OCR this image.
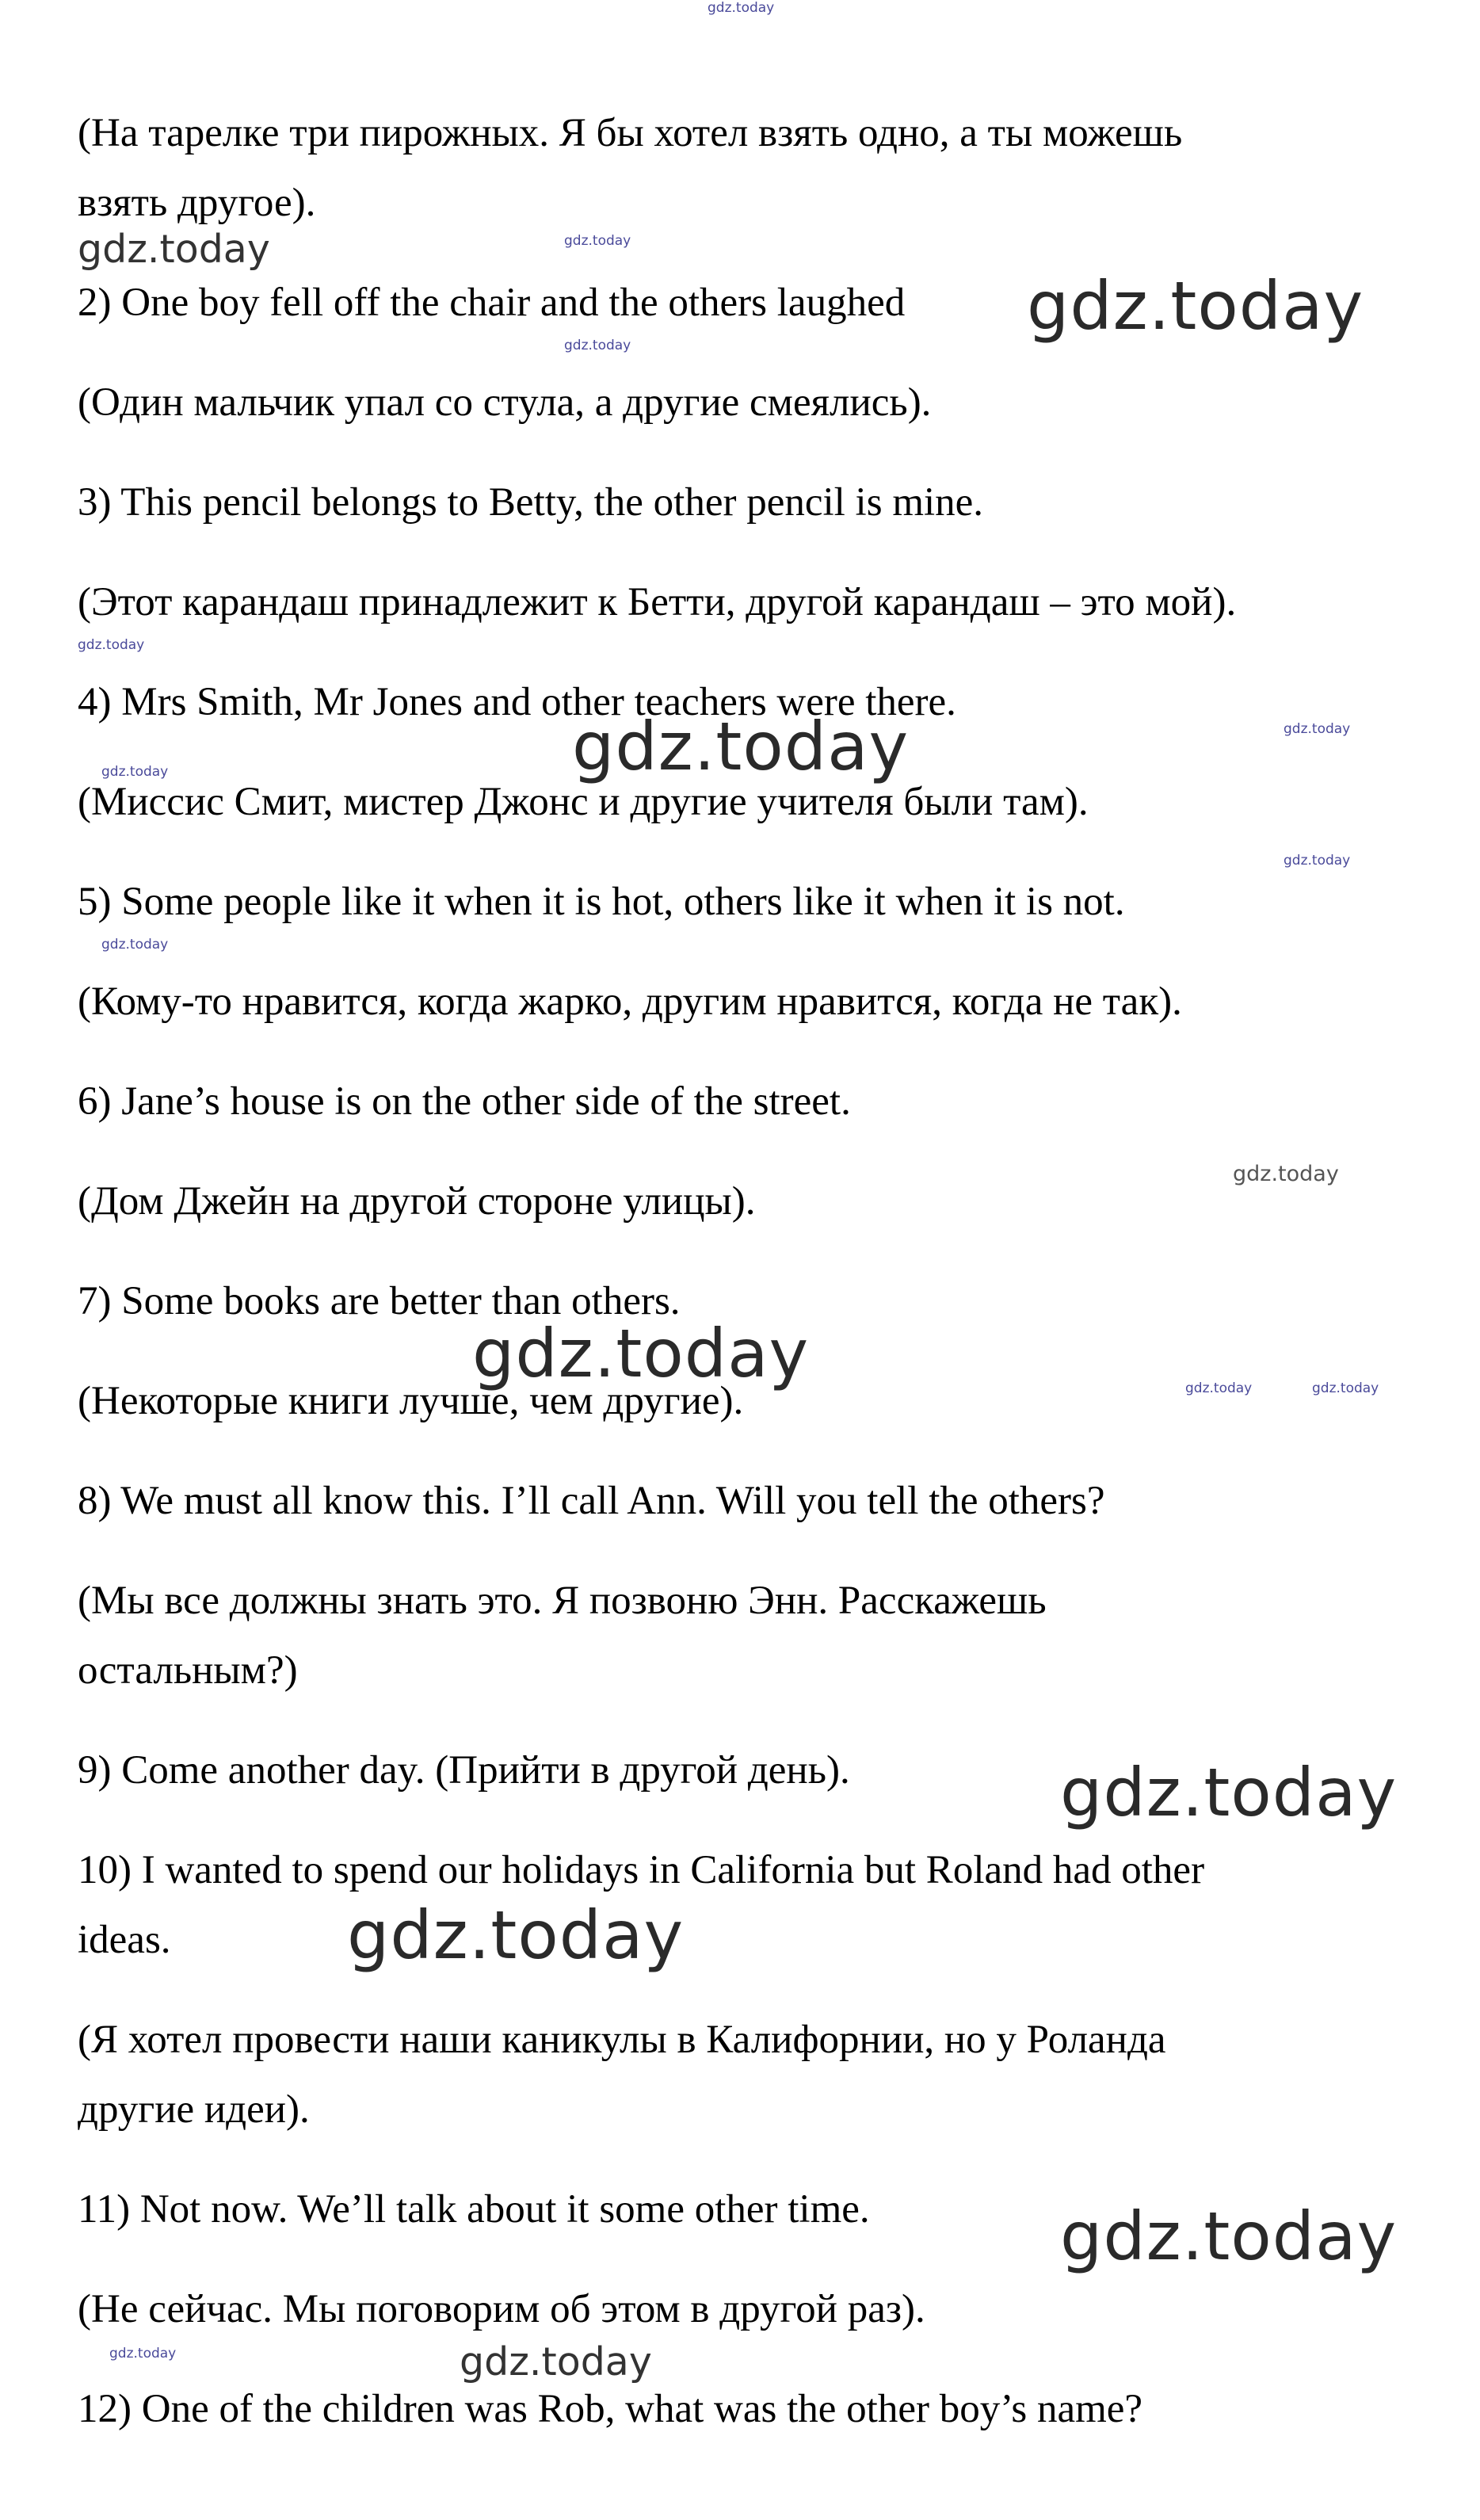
(На тарелке три пирожных. Я бы хотел взять одно, а ты можешь
взять другое).
2) One boy fell off the chair and the others laughed
(Один мальчик упал со стула, а другие смеялись).
3) This pencil belongs to Betty, the other pencil is mine.
(Этот карандаш принадлежит к Бетти, другой карандаш – это мой).
4) Mrs Smith, Mr Jones and other teachers were there.
(Миссис Смит, мистер Джонс и другие учителя были там).
5) Some people like it when it is hot, others like it when it is not.
(Кому-то нравится, когда жарко, другим нравится, когда не так).
6) Jane’s house is on the other side of the street.
(Дом Джейн на другой стороне улицы).
7) Some books are better than others.
(Некоторые книги лучше, чем другие).
8) We must all know this. I’ll call Ann. Will you tell the others?
(Мы все должны знать это. Я позвоню Энн. Расскажешь
остальным?)
9) Come another day. (Прийти в другой день).
10) I wanted to spend our holidays in California but Roland had other
ideas.
(Я хотел провести наши каникулы в Калифорнии, но у Роланда
другие идеи).
11) Not now. We’ll talk about it some other time.
(Не сейчас. Мы поговорим об этом в другой раз).
12) One of the children was Rob, what was the other boy’s name?
gdz.today
gdz.today	gdz.today
gdz.today
gdz.today
gdz.today
gdz.today
gdz.today
gdz.today
gdz.today
gdz.today
gdz.today
gdz.today	gdz.today	gdz.today
gdz.today
gdz.today
gdz.today
gdz.today	gdz.today
